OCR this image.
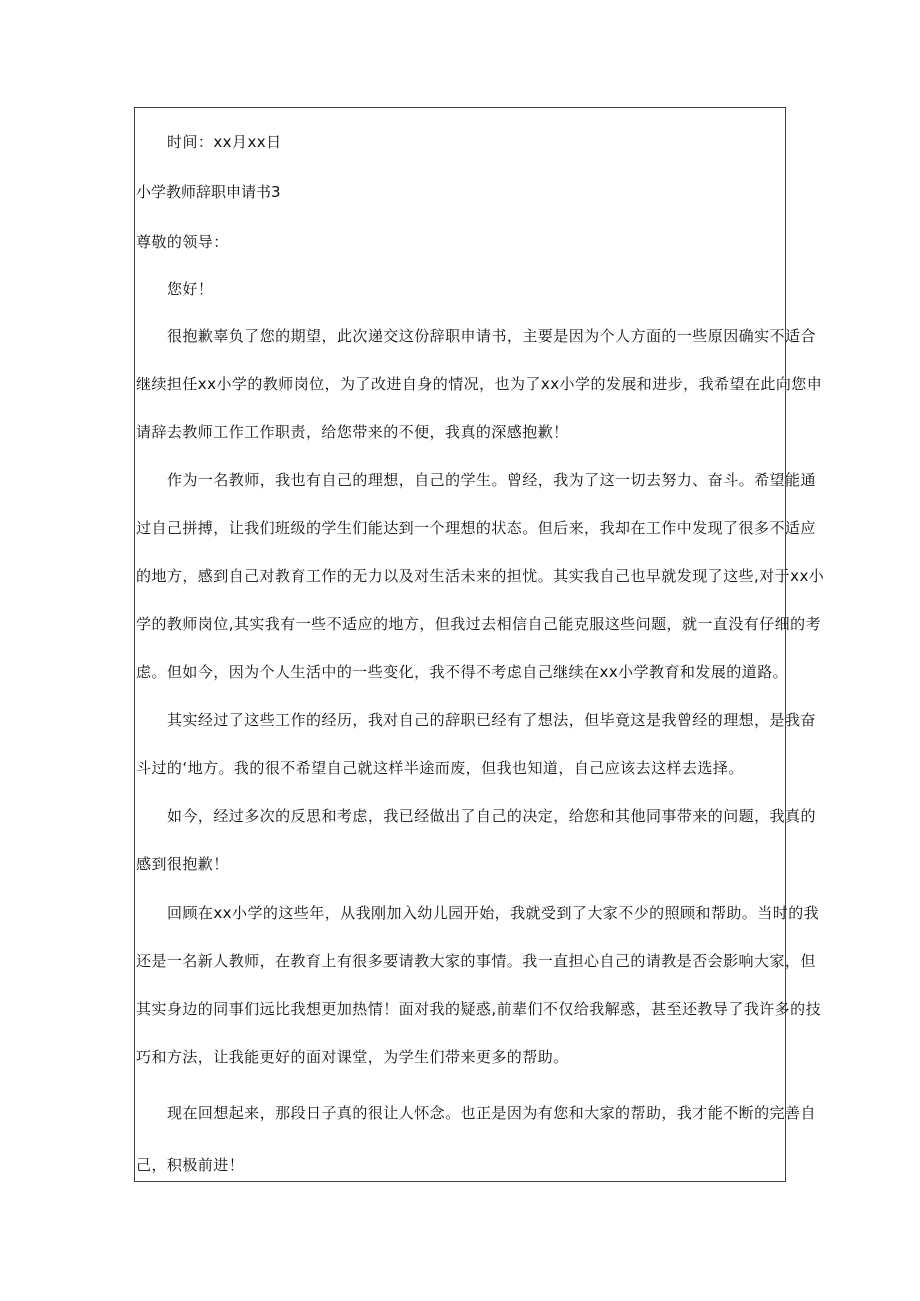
时间：xx月xx日
小学教师辞职申请书3
尊敬的领导：
您好！
很抱歉辜负了您的期望，此次递交这份辞职申请书，主要是因为个人方面的一些原因确实不适合
继续担任xx小学的教师岗位，为了改进自身的情况，也为了xx小学的发展和进步，我希望在此向您申
请辞去教师工作工作职责，给您带来的不便，我真的深感抱歉！
作为一名教师，我也有自己的理想，自己的学生。曾经，我为了这一切去努力、奋斗。希望能通
过自己拼搏，让我们班级的学生们能达到一个理想的状态。但后来，我却在工作中发现了很多不适应
的地方，感到自己对教育工作的无力以及对生活未来的担忧。其实我自己也早就发现了这些,对于xx小
学的教师岗位,其实我有一些不适应的地方，但我过去相信自己能克服这些问题，就一直没有仔细的考
虑。但如今，因为个人生活中的一些变化，我不得不考虑自己继续在xx小学教育和发展的道路。
其实经过了这些工作的经历，我对自己的辞职已经有了想法，但毕竟这是我曾经的理想，是我奋
斗过的‘地方。我的很不希望自己就这样半途而废，但我也知道，自己应该去这样去选择。
如今，经过多次的反思和考虑，我已经做出了自己的决定，给您和其他同事带来的问题，我真的
感到很抱歉！
回顾在xx小学的这些年，从我刚加入幼儿园开始，我就受到了大家不少的照顾和帮助。当时的我
还是一名新人教师，在教育上有很多要请教大家的事情。我一直担心自己的请教是否会影响大家，但
其实身边的同事们远比我想更加热情！面对我的疑惑,前辈们不仅给我解惑，甚至还教导了我许多的技
巧和方法，让我能更好的面对课堂，为学生们带来更多的帮助。
现在回想起来，那段日子真的很让人怀念。也正是因为有您和大家的帮助，我才能不断的完善自
己，积极前进！
